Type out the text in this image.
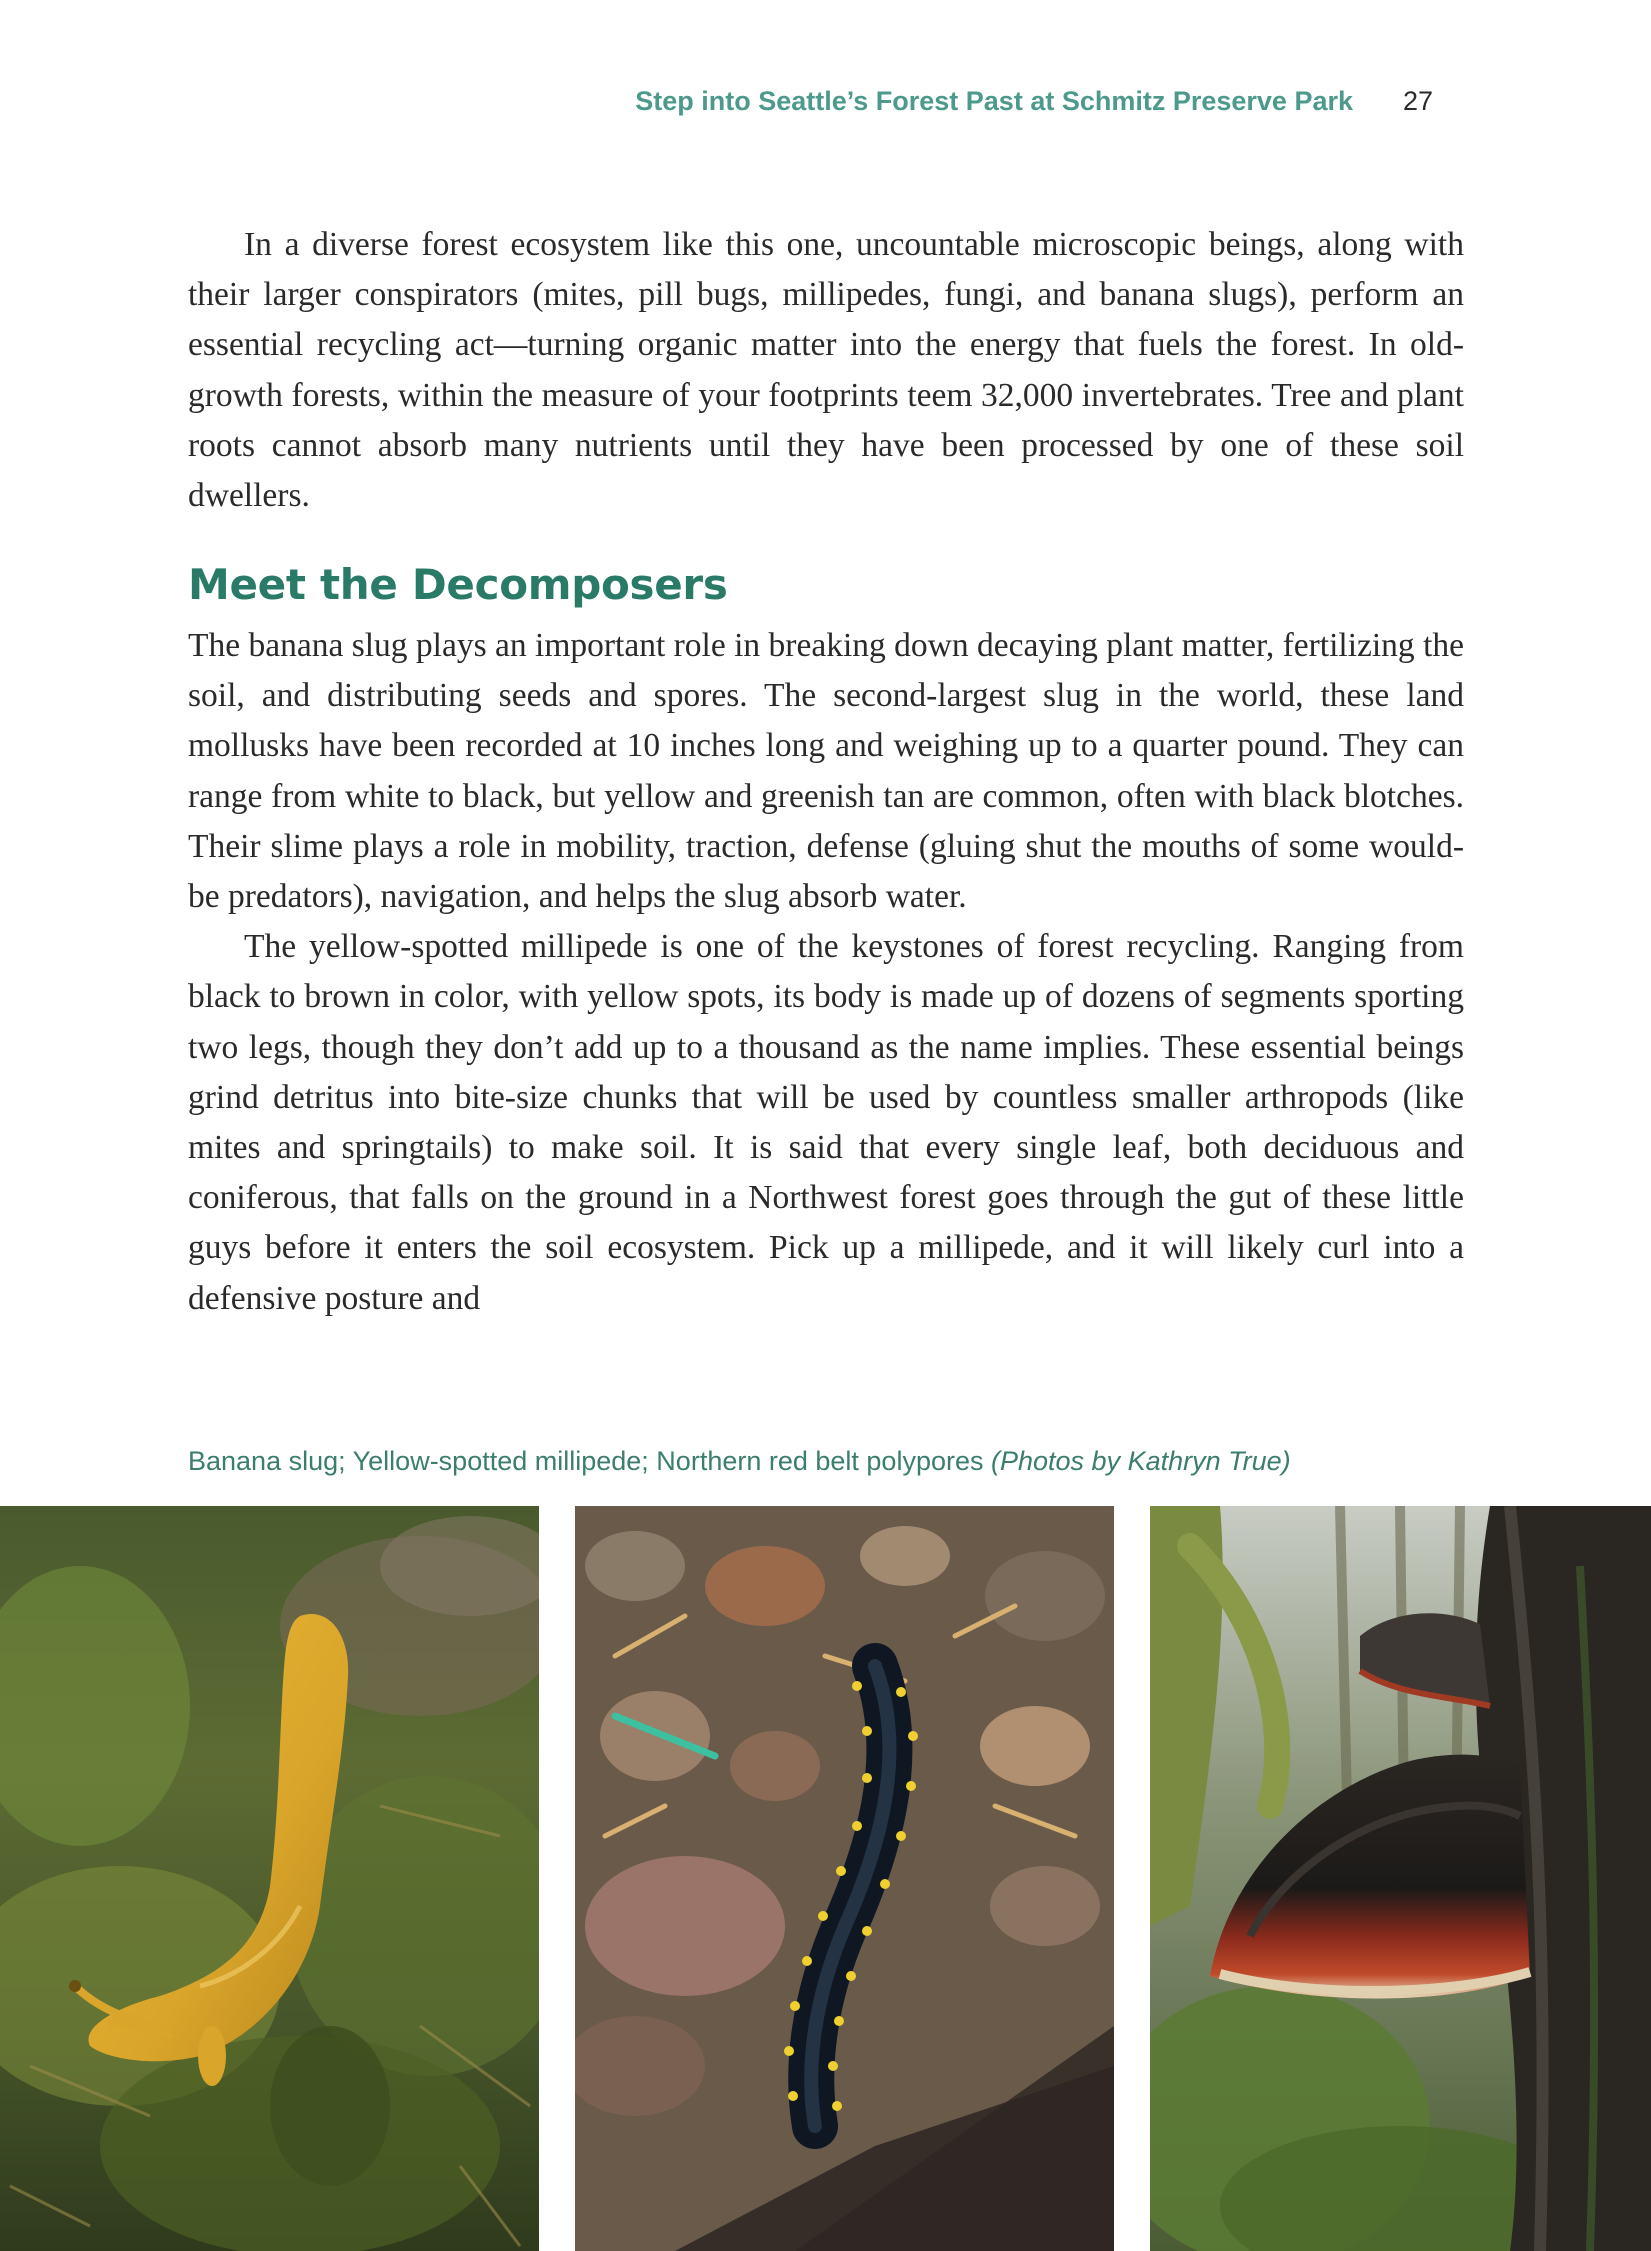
Step into Seattle’s Forest Past at Schmitz Preserve Park 27

In a diverse forest ecosystem like this one, uncountable microscopic beings, along with their larger conspirators (mites, pill bugs, millipedes, fungi, and banana slugs), perform an essential recycling act—turning organic matter into the energy that fuels the forest. In old-growth forests, within the measure of your footprints teem 32,000 invertebrates. Tree and plant roots cannot absorb many nutrients until they have been processed by one of these soil dwellers.

Meet the Decomposers

The banana slug plays an important role in breaking down decaying plant matter, fertilizing the soil, and distributing seeds and spores. The second-largest slug in the world, these land mollusks have been recorded at 10 inches long and weighing up to a quarter pound. They can range from white to black, but yellow and greenish tan are common, often with black blotches. Their slime plays a role in mobility, traction, defense (gluing shut the mouths of some would-be predators), navigation, and helps the slug absorb water.

The yellow-spotted millipede is one of the keystones of forest recycling. Ranging from black to brown in color, with yellow spots, its body is made up of dozens of segments sporting two legs, though they don’t add up to a thousand as the name implies. These essential beings grind detritus into bite-size chunks that will be used by countless smaller arthropods (like mites and springtails) to make soil. It is said that every single leaf, both deciduous and coniferous, that falls on the ground in a Northwest forest goes through the gut of these little guys before it enters the soil ecosystem. Pick up a millipede, and it will likely curl into a defensive posture and

Banana slug; Yellow-spotted millipede; Northern red belt polypores (Photos by Kathryn True)
